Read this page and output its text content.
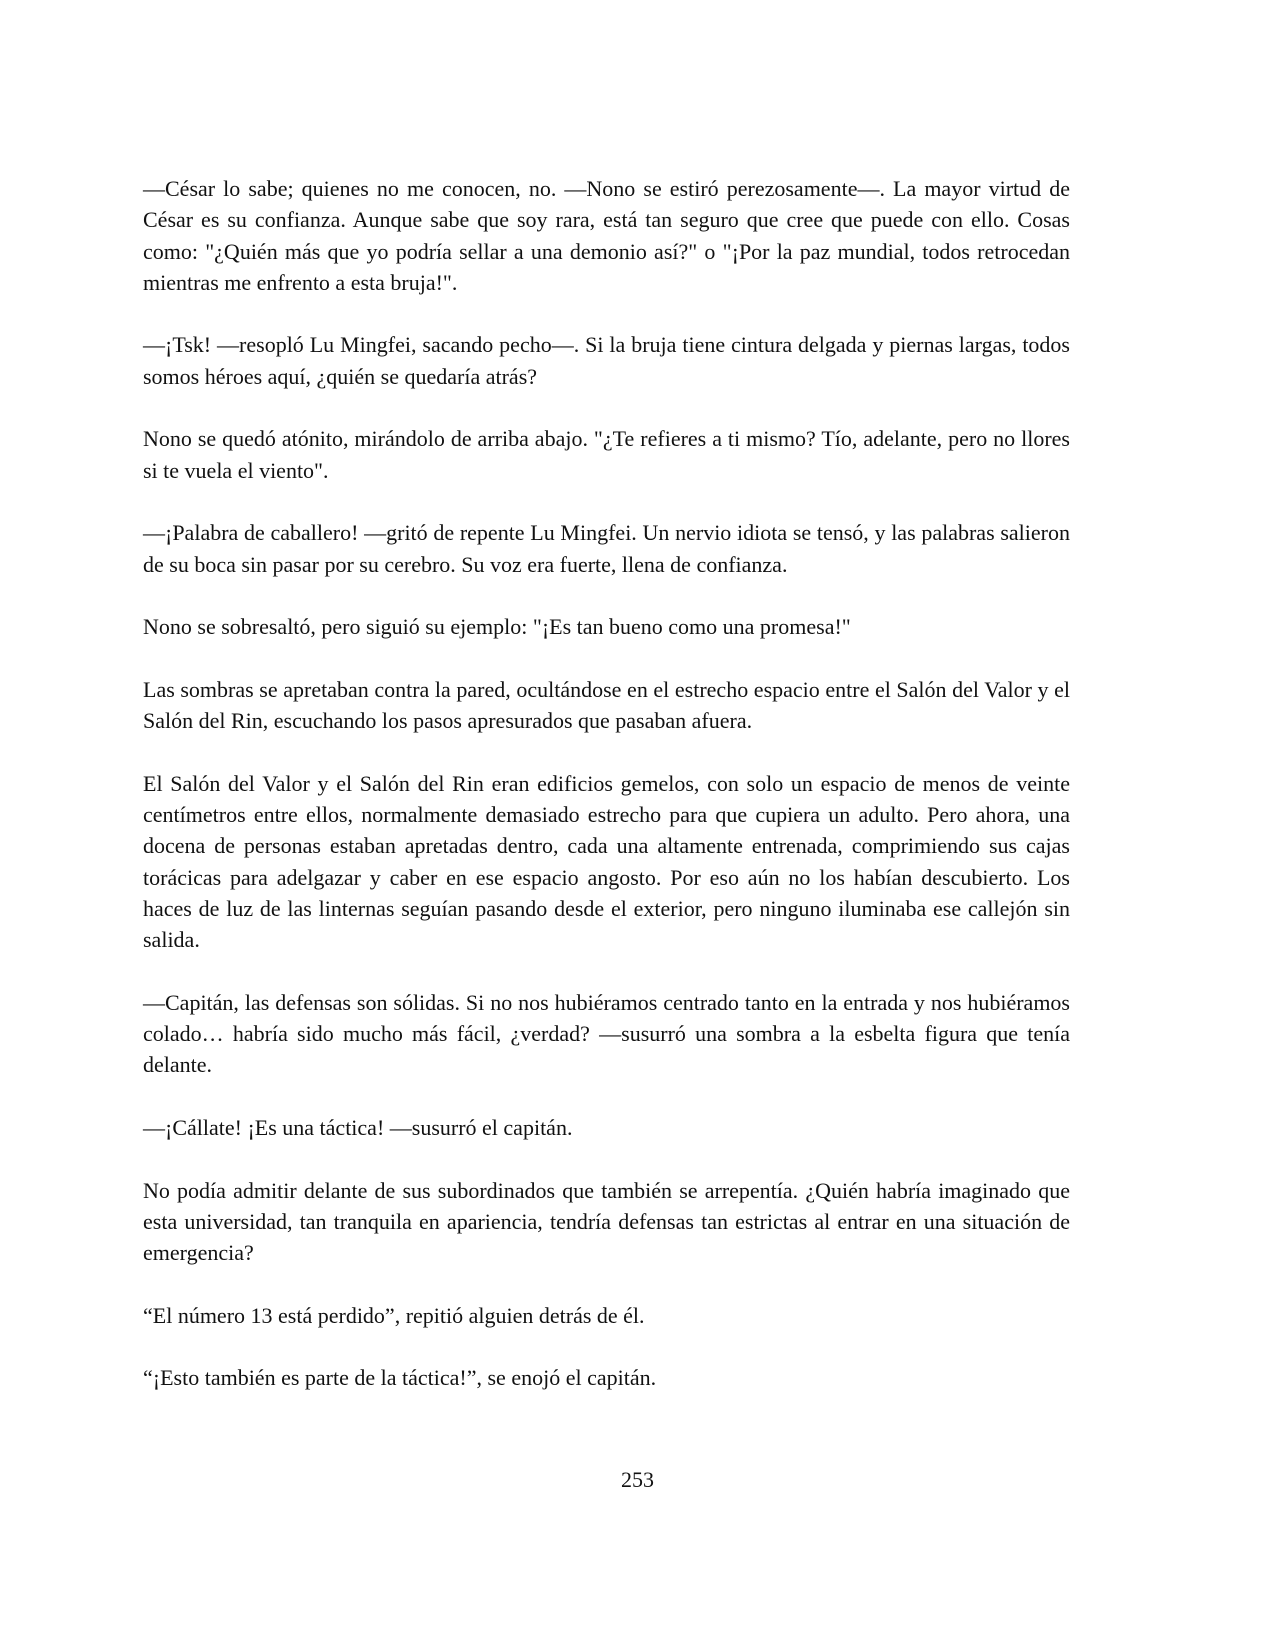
—César lo sabe; quienes no me conocen, no. —Nono se estiró perezosamente—. La mayor virtud de César es su confianza. Aunque sabe que soy rara, está tan seguro que cree que puede con ello. Cosas como: "¿Quién más que yo podría sellar a una demonio así?" o "¡Por la paz mundial, todos retrocedan mientras me enfrento a esta bruja!".

—¡Tsk! —resopló Lu Mingfei, sacando pecho—. Si la bruja tiene cintura delgada y piernas largas, todos somos héroes aquí, ¿quién se quedaría atrás?

Nono se quedó atónito, mirándolo de arriba abajo. "¿Te refieres a ti mismo? Tío, adelante, pero no llores si te vuela el viento".

—¡Palabra de caballero! —gritó de repente Lu Mingfei. Un nervio idiota se tensó, y las palabras salieron de su boca sin pasar por su cerebro. Su voz era fuerte, llena de confianza.

Nono se sobresaltó, pero siguió su ejemplo: "¡Es tan bueno como una promesa!"

Las sombras se apretaban contra la pared, ocultándose en el estrecho espacio entre el Salón del Valor y el Salón del Rin, escuchando los pasos apresurados que pasaban afuera.

El Salón del Valor y el Salón del Rin eran edificios gemelos, con solo un espacio de menos de veinte centímetros entre ellos, normalmente demasiado estrecho para que cupiera un adulto. Pero ahora, una docena de personas estaban apretadas dentro, cada una altamente entrenada, comprimiendo sus cajas torácicas para adelgazar y caber en ese espacio angosto. Por eso aún no los habían descubierto. Los haces de luz de las linternas seguían pasando desde el exterior, pero ninguno iluminaba ese callejón sin salida.

—Capitán, las defensas son sólidas. Si no nos hubiéramos centrado tanto en la entrada y nos hubiéramos colado… habría sido mucho más fácil, ¿verdad? —susurró una sombra a la esbelta figura que tenía delante.

—¡Cállate! ¡Es una táctica! —susurró el capitán.

No podía admitir delante de sus subordinados que también se arrepentía. ¿Quién habría imaginado que esta universidad, tan tranquila en apariencia, tendría defensas tan estrictas al entrar en una situación de emergencia?

“El número 13 está perdido”, repitió alguien detrás de él.

“¡Esto también es parte de la táctica!”, se enojó el capitán.

253
